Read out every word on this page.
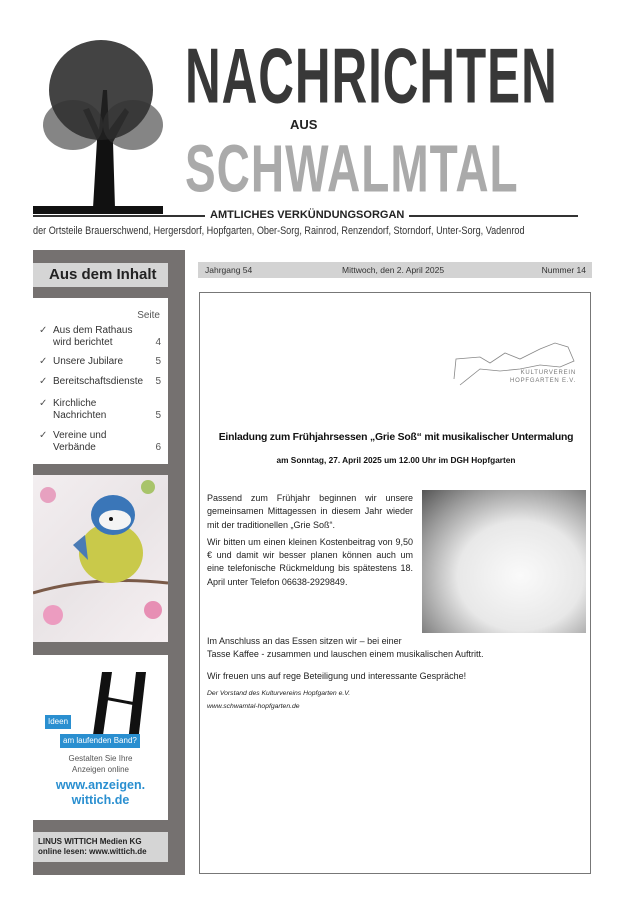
NACHRICHTEN
AUS
SCHWALMTAL
AMTLICHES VERKÜNDUNGSORGAN
der Ortsteile Brauerschwend, Hergersdorf, Hopfgarten, Ober-Sorg, Rainrod, Renzendorf, Storndorf, Unter-Sorg, Vadenrod
Aus dem Inhalt
Seite
✓ Aus dem Rathaus wird berichtet	4
✓ Unsere Jubilare	5
✓ Bereitschaftsdienste	5
✓ Kirchliche Nachrichten	5
✓ Vereine und Verbände	6
Ideen
am laufenden Band?
Gestalten Sie Ihre
Anzeigen online
www.anzeigen.
wittich.de
LINUS WITTICH Medien KG
online lesen: www.wittich.de
Jahrgang 54	Mittwoch, den 2. April 2025	Nummer 14
KULTURVEREIN
HOPFGARTEN E.V.
Einladung zum Frühjahrsessen „Grie Soß“ mit musikalischer Untermalung
am Sonntag, 27. April 2025 um 12.00 Uhr im DGH Hopfgarten
Passend zum Frühjahr beginnen wir unsere gemeinsamen Mittagessen in diesem Jahr wieder mit der traditionellen „Grie Soß“.
Wir bitten um einen kleinen Kostenbeitrag von 9,50 € und damit wir besser planen können auch um eine telefonische Rückmeldung bis spätestens 18. April unter Telefon 06638-2929849.
Im Anschluss an das Essen sitzen wir – bei einer
Tasse Kaffee - zusammen und lauschen einem musikalischen Auftritt.
Wir freuen uns auf rege Beteiligung und interessante Gespräche!
Der Vorstand des Kulturvereins Hopfgarten e.V.
www.schwamtal-hopfgarten.de
